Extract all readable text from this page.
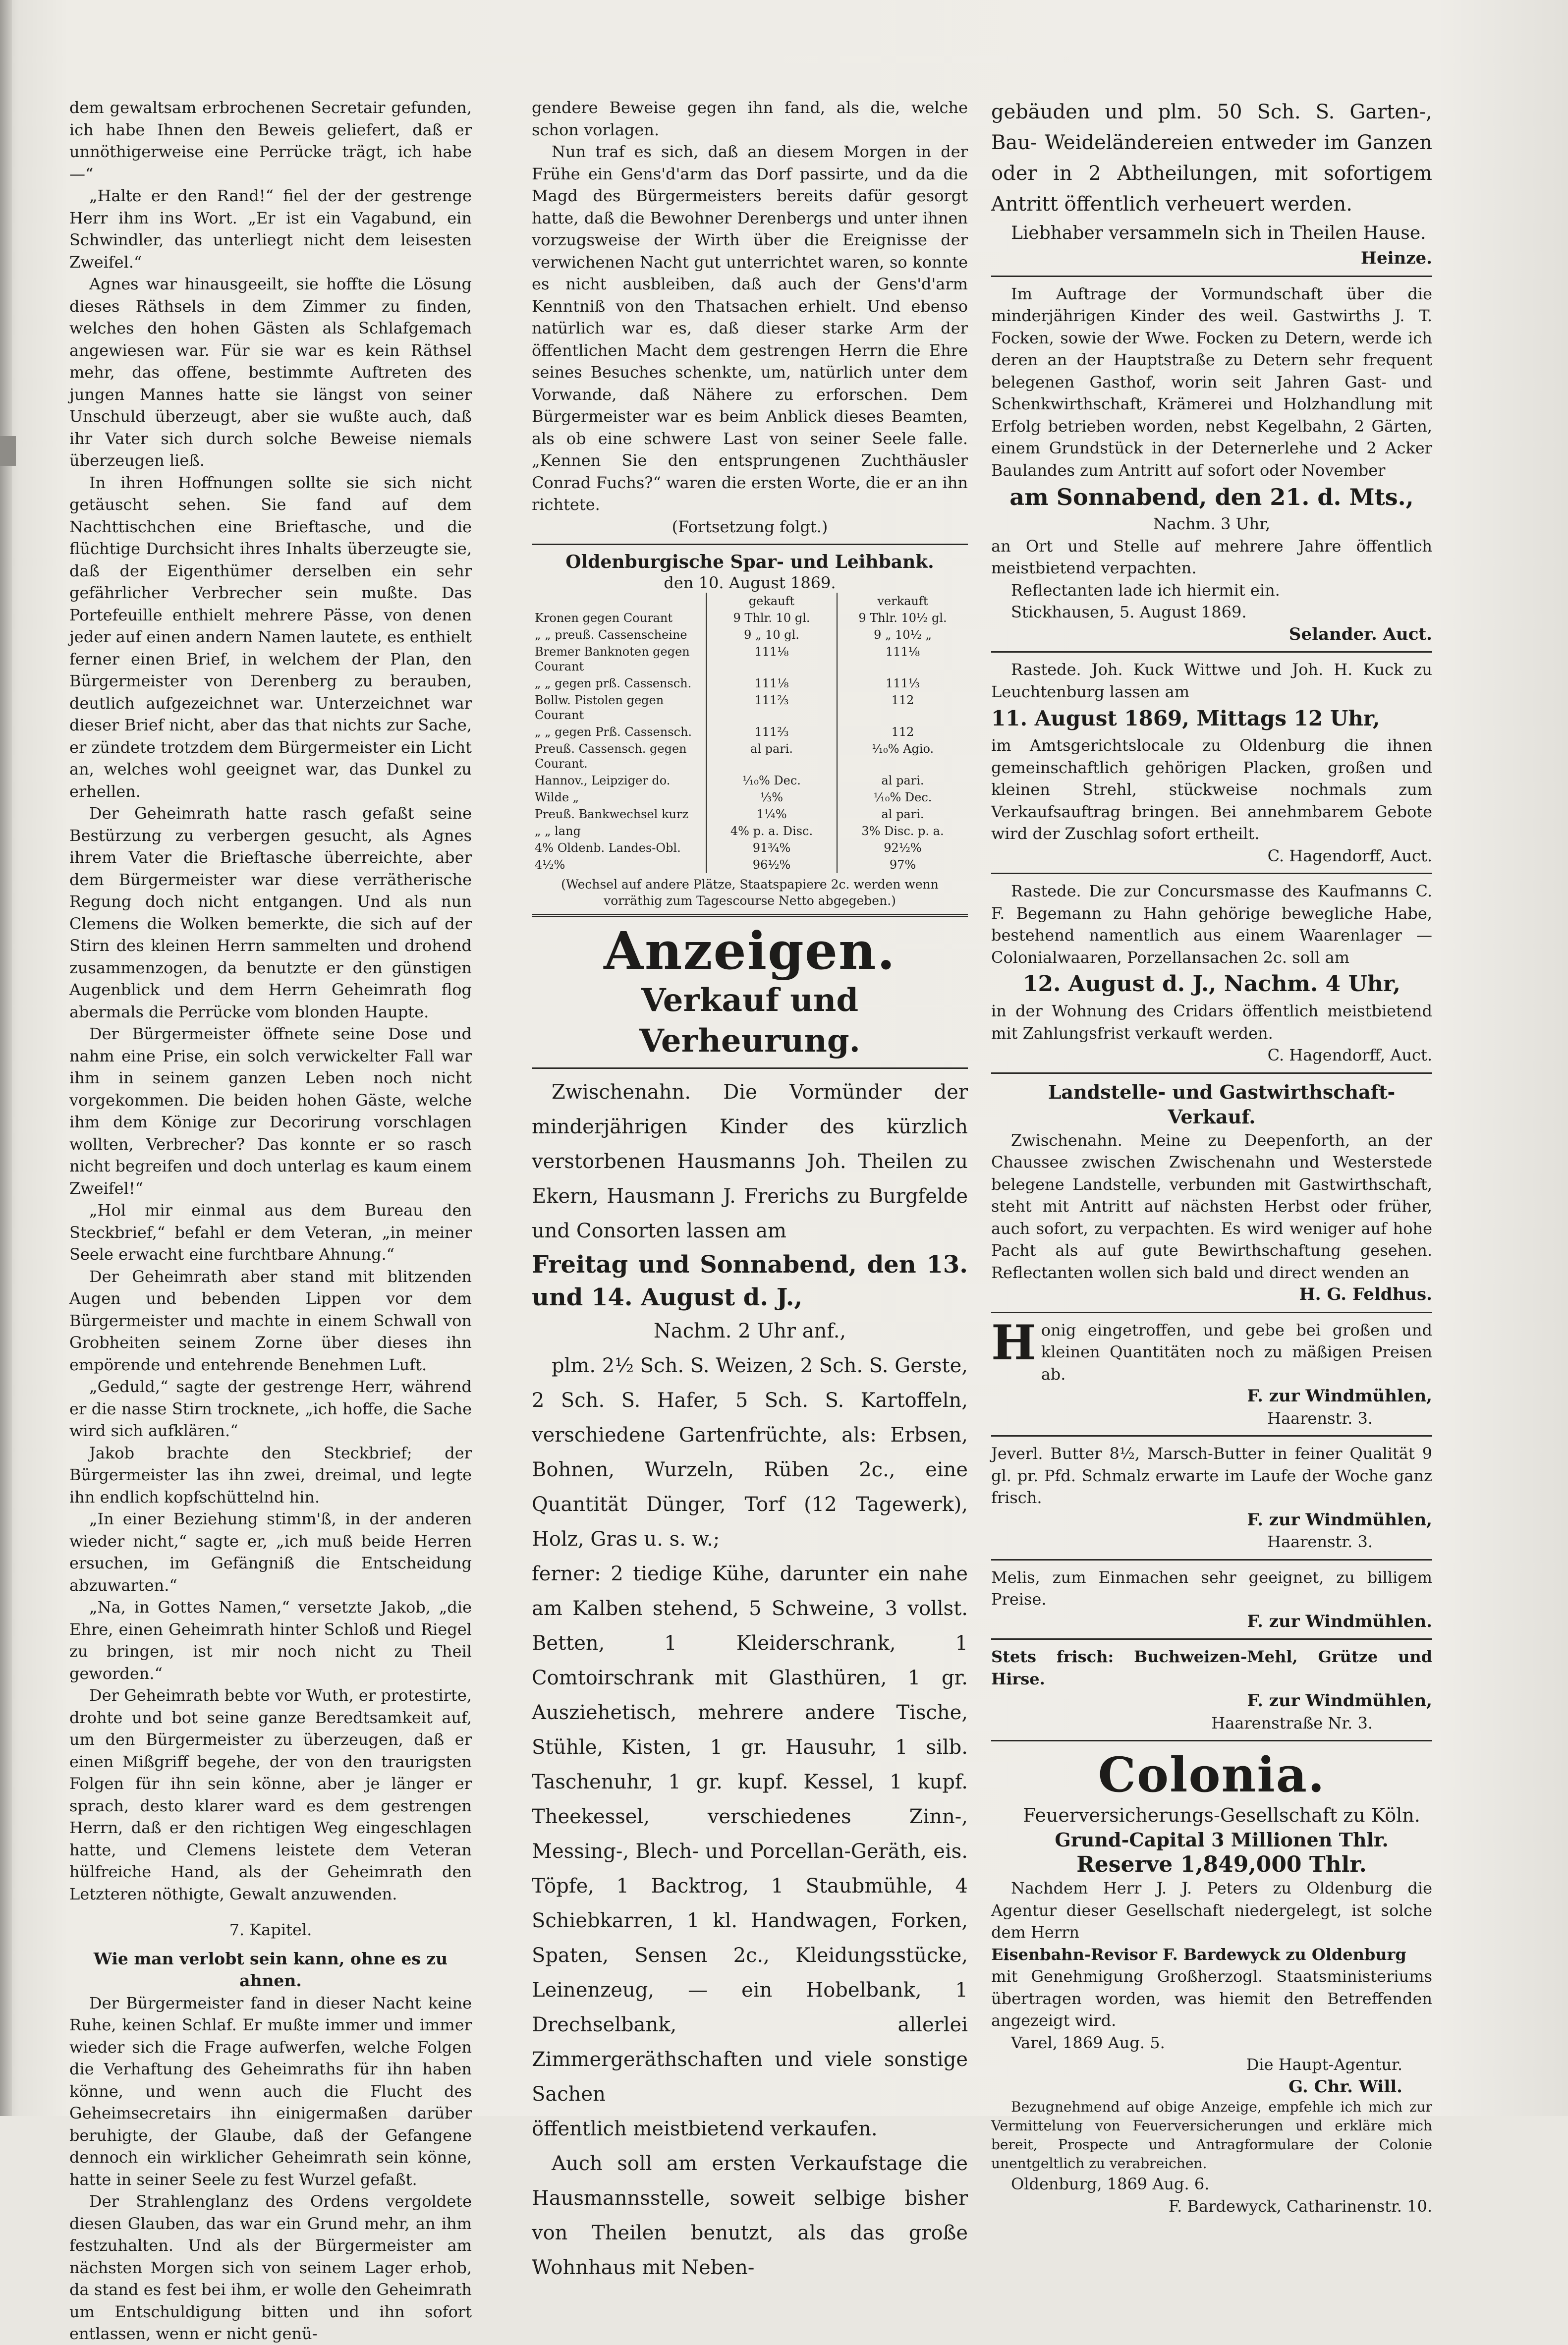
dem gewaltsam erbrochenen Secretair gefunden, ich habe Ihnen den Beweis geliefert, daß er unnöthigerweise eine Perrücke trägt, ich habe —“

„Halte er den Rand!“ fiel der der gestrenge Herr ihm ins Wort. „Er ist ein Vagabund, ein Schwindler, das unterliegt nicht dem leisesten Zweifel.“

Agnes war hinausgeeilt, sie hoffte die Lösung dieses Räthsels in dem Zimmer zu finden, welches den hohen Gästen als Schlafgemach angewiesen war. Für sie war es kein Räthsel mehr, das offene, bestimmte Auftreten des jungen Mannes hatte sie längst von seiner Unschuld überzeugt, aber sie wußte auch, daß ihr Vater sich durch solche Beweise niemals überzeugen ließ.

In ihren Hoffnungen sollte sie sich nicht getäuscht sehen. Sie fand auf dem Nachttischchen eine Brieftasche, und die flüchtige Durchsicht ihres Inhalts überzeugte sie, daß der Eigenthümer derselben ein sehr gefährlicher Verbrecher sein mußte. Das Portefeuille enthielt mehrere Pässe, von denen jeder auf einen andern Namen lautete, es enthielt ferner einen Brief, in welchem der Plan, den Bürgermeister von Derenberg zu berauben, deutlich aufgezeichnet war. Unterzeichnet war dieser Brief nicht, aber das that nichts zur Sache, er zündete trotzdem dem Bürgermeister ein Licht an, welches wohl geeignet war, das Dunkel zu erhellen.

Der Geheimrath hatte rasch gefaßt seine Bestürzung zu verbergen gesucht, als Agnes ihrem Vater die Brieftasche überreichte, aber dem Bürgermeister war diese verrätherische Regung doch nicht entgangen. Und als nun Clemens die Wolken bemerkte, die sich auf der Stirn des kleinen Herrn sammelten und drohend zusammenzogen, da benutzte er den günstigen Augenblick und dem Herrn Geheimrath flog abermals die Perrücke vom blonden Haupte.

Der Bürgermeister öffnete seine Dose und nahm eine Prise, ein solch verwickelter Fall war ihm in seinem ganzen Leben noch nicht vorgekommen. Die beiden hohen Gäste, welche ihm dem Könige zur Decorirung vorschlagen wollten, Verbrecher? Das konnte er so rasch nicht begreifen und doch unterlag es kaum einem Zweifel!“

„Hol mir einmal aus dem Bureau den Steckbrief,“ befahl er dem Veteran, „in meiner Seele erwacht eine furchtbare Ahnung.“

Der Geheimrath aber stand mit blitzenden Augen und bebenden Lippen vor dem Bürgermeister und machte in einem Schwall von Grobheiten seinem Zorne über dieses ihn empörende und entehrende Benehmen Luft.

„Geduld,“ sagte der gestrenge Herr, während er die nasse Stirn trocknete, „ich hoffe, die Sache wird sich aufklären.“

Jakob brachte den Steckbrief; der Bürgermeister las ihn zwei, dreimal, und legte ihn endlich kopfschüttelnd hin.

„In einer Beziehung stimm'ß, in der anderen wieder nicht,“ sagte er, „ich muß beide Herren ersuchen, im Gefängniß die Entscheidung abzuwarten.“

„Na, in Gottes Namen,“ versetzte Jakob, „die Ehre, einen Geheimrath hinter Schloß und Riegel zu bringen, ist mir noch nicht zu Theil geworden.“

Der Geheimrath bebte vor Wuth, er protestirte, drohte und bot seine ganze Beredtsamkeit auf, um den Bürgermeister zu überzeugen, daß er einen Mißgriff begehe, der von den traurigsten Folgen für ihn sein könne, aber je länger er sprach, desto klarer ward es dem gestrengen Herrn, daß er den richtigen Weg eingeschlagen hatte, und Clemens leistete dem Veteran hülfreiche Hand, als der Geheimrath den Letzteren nöthigte, Gewalt anzuwenden.

7. Kapitel.

Wie man verlobt sein kann, ohne es zu ahnen.

Der Bürgermeister fand in dieser Nacht keine Ruhe, keinen Schlaf. Er mußte immer und immer wieder sich die Frage aufwerfen, welche Folgen die Verhaftung des Geheimraths für ihn haben könne, und wenn auch die Flucht des Geheimsecretairs ihn einigermaßen darüber beruhigte, der Glaube, daß der Gefangene dennoch ein wirklicher Geheimrath sein könne, hatte in seiner Seele zu fest Wurzel gefaßt.

Der Strahlenglanz des Ordens vergoldete diesen Glauben, das war ein Grund mehr, an ihm festzuhalten. Und als der Bürgermeister am nächsten Morgen sich von seinem Lager erhob, da stand es fest bei ihm, er wolle den Geheimrath um Entschuldigung bitten und ihn sofort entlassen, wenn er nicht genü-

gendere Beweise gegen ihn fand, als die, welche schon vorlagen.

Nun traf es sich, daß an diesem Morgen in der Frühe ein Gens'd'arm das Dorf passirte, und da die Magd des Bürgermeisters bereits dafür gesorgt hatte, daß die Bewohner Derenbergs und unter ihnen vorzugsweise der Wirth über die Ereignisse der verwichenen Nacht gut unterrichtet waren, so konnte es nicht ausbleiben, daß auch der Gens'd'arm Kenntniß von den Thatsachen erhielt. Und ebenso natürlich war es, daß dieser starke Arm der öffentlichen Macht dem gestrengen Herrn die Ehre seines Besuches schenkte, um, natürlich unter dem Vorwande, daß Nähere zu erforschen. Dem Bürgermeister war es beim Anblick dieses Beamten, als ob eine schwere Last von seiner Seele falle. „Kennen Sie den entsprungenen Zuchthäusler Conrad Fuchs?“ waren die ersten Worte, die er an ihn richtete.

(Fortsetzung folgt.)

Oldenburgische Spar- und Leihbank.
den 10. August 1869.
	gekauft	verkauft
Kronen gegen Courant	9 Thlr. 10 gl.	9 Thlr. 10½ gl.
„ „ preuß. Cassenscheine	9 „ 10 gl.	9 „ 10½ „
Bremer Banknoten gegen Courant	111⅛	111⅛
„ „ gegen prß. Cassensch.	111⅛	111⅓
Bollw. Pistolen gegen Courant	111⅔	112
„ „ gegen Prß. Cassensch.	111⅔	112
Preuß. Cassensch. gegen Courant.	al pari.	¹⁄₁₀% Agio.
Hannov., Leipziger do.	¹⁄₁₀% Dec.	al pari.
Wilde „	⅓%	¹⁄₁₀% Dec.
Preuß. Bankwechsel kurz	1¼%	al pari.
„ „ lang	4% p. a. Disc.	3% Disc. p. a.
4% Oldenb. Landes-Obl.	91¾%	92½%
4½%	96½%	97%

(Wechsel auf andere Plätze, Staatspapiere 2c. werden wenn vorräthig zum Tagescourse Netto abgegeben.)

Anzeigen.
Verkauf und Verheurung.

Zwischenahn. Die Vormünder der minderjährigen Kinder des kürzlich verstorbenen Hausmanns Joh. Theilen zu Ekern, Hausmann J. Frerichs zu Burgfelde und Consorten lassen am

Freitag und Sonnabend, den 13. und 14. August d. J.,

Nachm. 2 Uhr anf.,

plm. 2½ Sch. S. Weizen, 2 Sch. S. Gerste, 2 Sch. S. Hafer, 5 Sch. S. Kartoffeln, verschiedene Gartenfrüchte, als: Erbsen, Bohnen, Wurzeln, Rüben 2c., eine Quantität Dünger, Torf (12 Tagewerk), Holz, Gras u. s. w.;

ferner: 2 tiedige Kühe, darunter ein nahe am Kalben stehend, 5 Schweine, 3 vollst. Betten, 1 Kleiderschrank, 1 Comtoirschrank mit Glasthüren, 1 gr. Ausziehetisch, mehrere andere Tische, Stühle, Kisten, 1 gr. Hausuhr, 1 silb. Taschenuhr, 1 gr. kupf. Kessel, 1 kupf. Theekessel, verschiedenes Zinn-, Messing-, Blech- und Porcellan-Geräth, eis. Töpfe, 1 Backtrog, 1 Staubmühle, 4 Schiebkarren, 1 kl. Handwagen, Forken, Spaten, Sensen 2c., Kleidungsstücke, Leinenzeug, — ein Hobelbank, 1 Drechselbank, allerlei Zimmergeräthschaften und viele sonstige Sachen

öffentlich meistbietend verkaufen.

Auch soll am ersten Verkaufstage die Hausmannsstelle, soweit selbige bisher von Theilen benutzt, als das große Wohnhaus mit Neben-

gebäuden und plm. 50 Sch. S. Garten-, Bau- Weideländereien entweder im Ganzen oder in 2 Abtheilungen, mit sofortigem Antritt öffentlich verheuert werden.

Liebhaber versammeln sich in Theilen Hause.

Heinze.

Im Auftrage der Vormundschaft über die minderjährigen Kinder des weil. Gastwirths J. T. Focken, sowie der Wwe. Focken zu Detern, werde ich deren an der Hauptstraße zu Detern sehr frequent belegenen Gasthof, worin seit Jahren Gast- und Schenkwirthschaft, Krämerei und Holzhandlung mit Erfolg betrieben worden, nebst Kegelbahn, 2 Gärten, einem Grundstück in der Deternerlehe und 2 Acker Baulandes zum Antritt auf sofort oder November

am Sonnabend, den 21. d. Mts.,

Nachm. 3 Uhr,

an Ort und Stelle auf mehrere Jahre öffentlich meistbietend verpachten.

Reflectanten lade ich hiermit ein.

Stickhausen, 5. August 1869.

Selander. Auct.

Rastede. Joh. Kuck Wittwe und Joh. H. Kuck zu Leuchtenburg lassen am

11. August 1869, Mittags 12 Uhr,

im Amtsgerichtslocale zu Oldenburg die ihnen gemeinschaftlich gehörigen Placken, großen und kleinen Strehl, stückweise nochmals zum Verkaufsauftrag bringen. Bei annehmbarem Gebote wird der Zuschlag sofort ertheilt.

C. Hagendorff, Auct.

Rastede. Die zur Concursmasse des Kaufmanns C. F. Begemann zu Hahn gehörige bewegliche Habe, bestehend namentlich aus einem Waarenlager — Colonialwaaren, Porzellansachen 2c. soll am

12. August d. J., Nachm. 4 Uhr,

in der Wohnung des Cridars öffentlich meistbietend mit Zahlungsfrist verkauft werden.

C. Hagendorff, Auct.

Landstelle- und Gastwirthschaft-Verkauf.

Zwischenahn. Meine zu Deepenforth, an der Chaussee zwischen Zwischenahn und Westerstede belegene Landstelle, verbunden mit Gastwirthschaft, steht mit Antritt auf nächsten Herbst oder früher, auch sofort, zu verpachten. Es wird weniger auf hohe Pacht als auf gute Bewirthschaftung gesehen. Reflectanten wollen sich bald und direct wenden an

H. G. Feldhus.

H onig eingetroffen, und gebe bei großen und kleinen Quantitäten noch zu mäßigen Preisen ab.

F. zur Windmühlen,

Haarenstr. 3.

Jeverl. Butter 8½, Marsch-Butter in feiner Qualität 9 gl. pr. Pfd. Schmalz erwarte im Laufe der Woche ganz frisch.

F. zur Windmühlen,

Haarenstr. 3.

Melis, zum Einmachen sehr geeignet, zu billigem Preise.

F. zur Windmühlen.

Stets frisch: Buchweizen-Mehl, Grütze und Hirse.

F. zur Windmühlen,

Haarenstraße Nr. 3.

Colonia.

Feuerversicherungs-Gesellschaft zu Köln.

Grund-Capital 3 Millionen Thlr.

Reserve 1,849,000 Thlr.

Nachdem Herr J. J. Peters zu Oldenburg die Agentur dieser Gesellschaft niedergelegt, ist solche dem Herrn

Eisenbahn-Revisor F. Bardewyck zu Oldenburg

mit Genehmigung Großherzogl. Staatsministeriums übertragen worden, was hiemit den Betreffenden angezeigt wird.

Varel, 1869 Aug. 5.

Die Haupt-Agentur.

G. Chr. Will.

Bezugnehmend auf obige Anzeige, empfehle ich mich zur Vermittelung von Feuerversicherungen und erkläre mich bereit, Prospecte und Antragformulare der Colonie unentgeltlich zu verabreichen.

Oldenburg, 1869 Aug. 6.

F. Bardewyck, Catharinenstr. 10.
